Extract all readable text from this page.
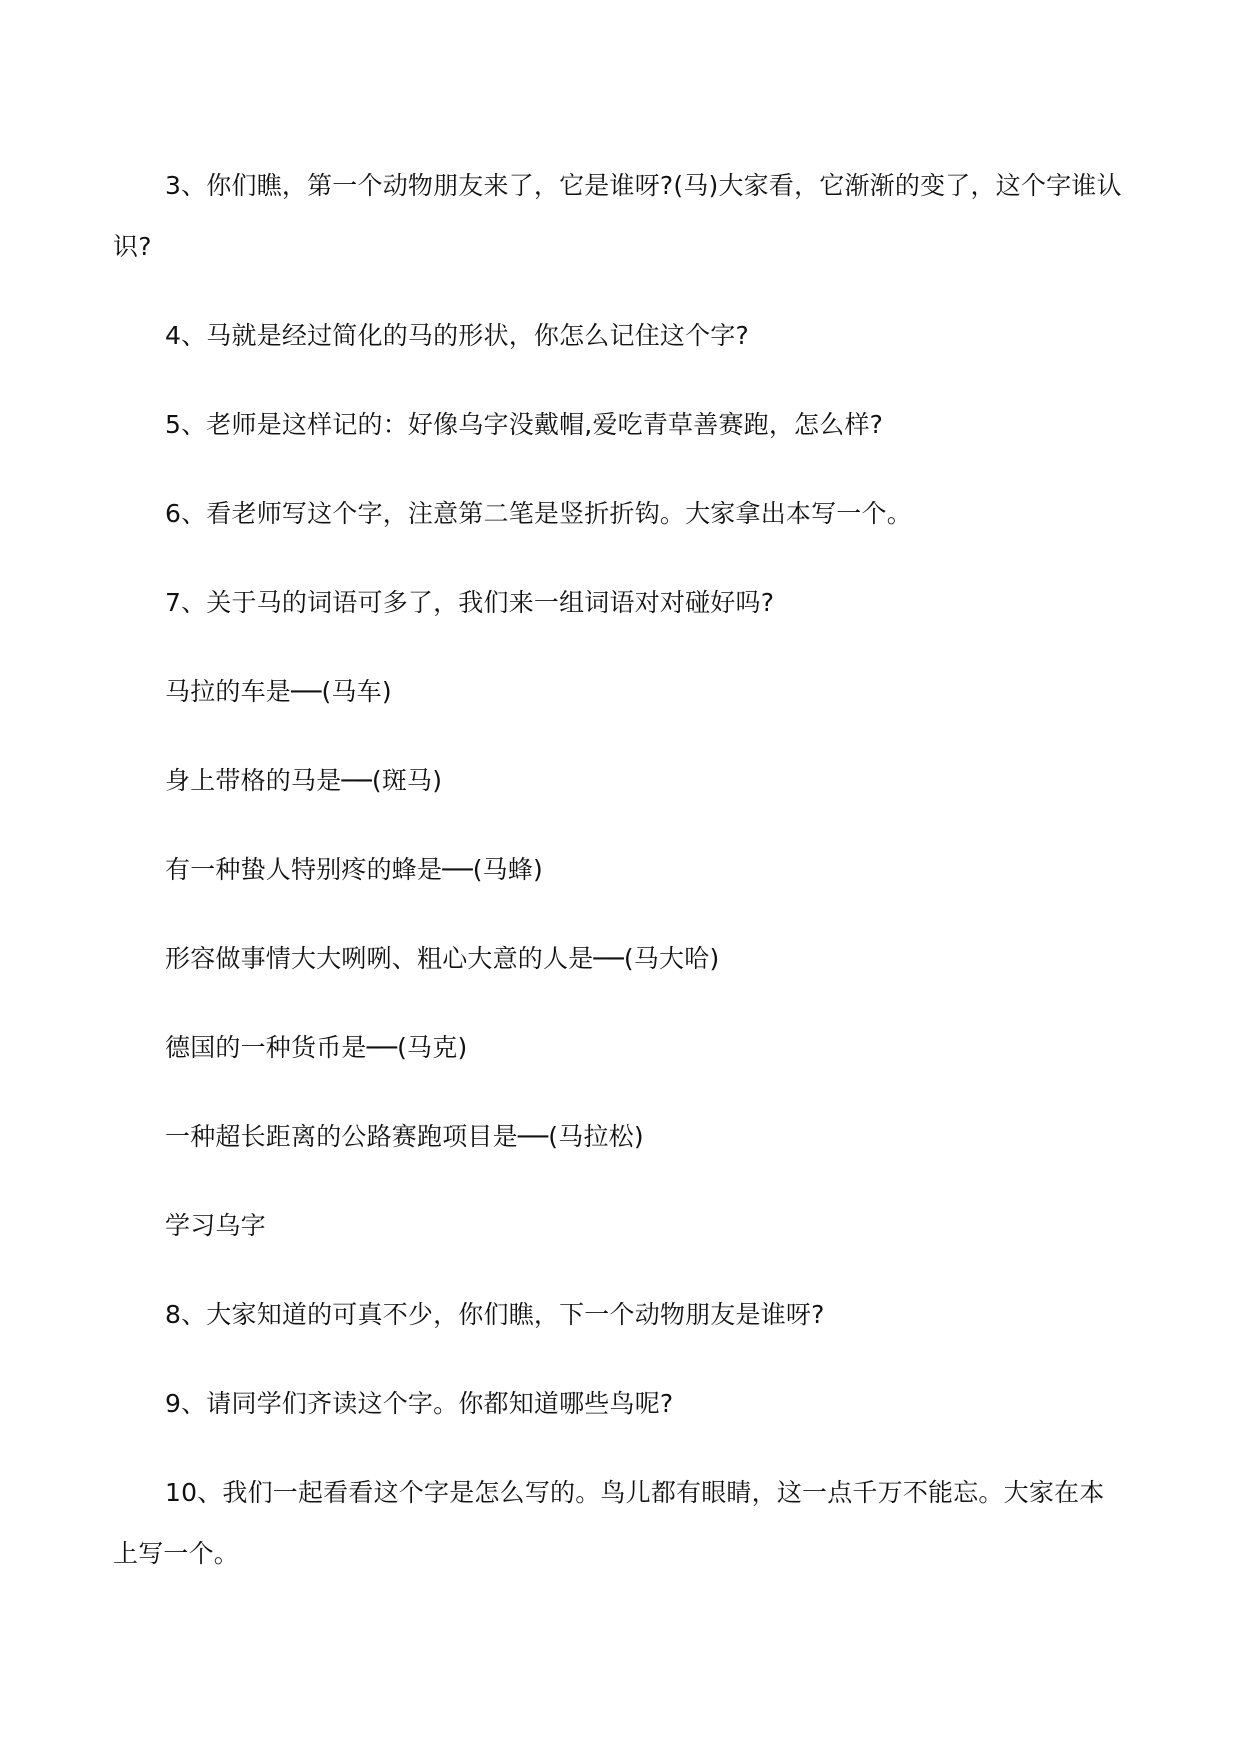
3、你们瞧，第一个动物朋友来了，它是谁呀?(马)大家看，它渐渐的变了，这个字谁认识?

4、马就是经过简化的马的形状，你怎么记住这个字?

5、老师是这样记的：好像乌字没戴帽,爱吃青草善赛跑，怎么样?

6、看老师写这个字，注意第二笔是竖折折钩。大家拿出本写一个。

7、关于马的词语可多了，我们来一组词语对对碰好吗?

马拉的车是──(马车)

身上带格的马是──(斑马)

有一种蛰人特别疼的蜂是──(马蜂)

形容做事情大大咧咧、粗心大意的人是──(马大哈)

德国的一种货币是──(马克)

一种超长距离的公路赛跑项目是──(马拉松)

学习乌字

8、大家知道的可真不少，你们瞧，下一个动物朋友是谁呀?

9、请同学们齐读这个字。你都知道哪些鸟呢?

10、我们一起看看这个字是怎么写的。鸟儿都有眼睛，这一点千万不能忘。大家在本上写一个。
